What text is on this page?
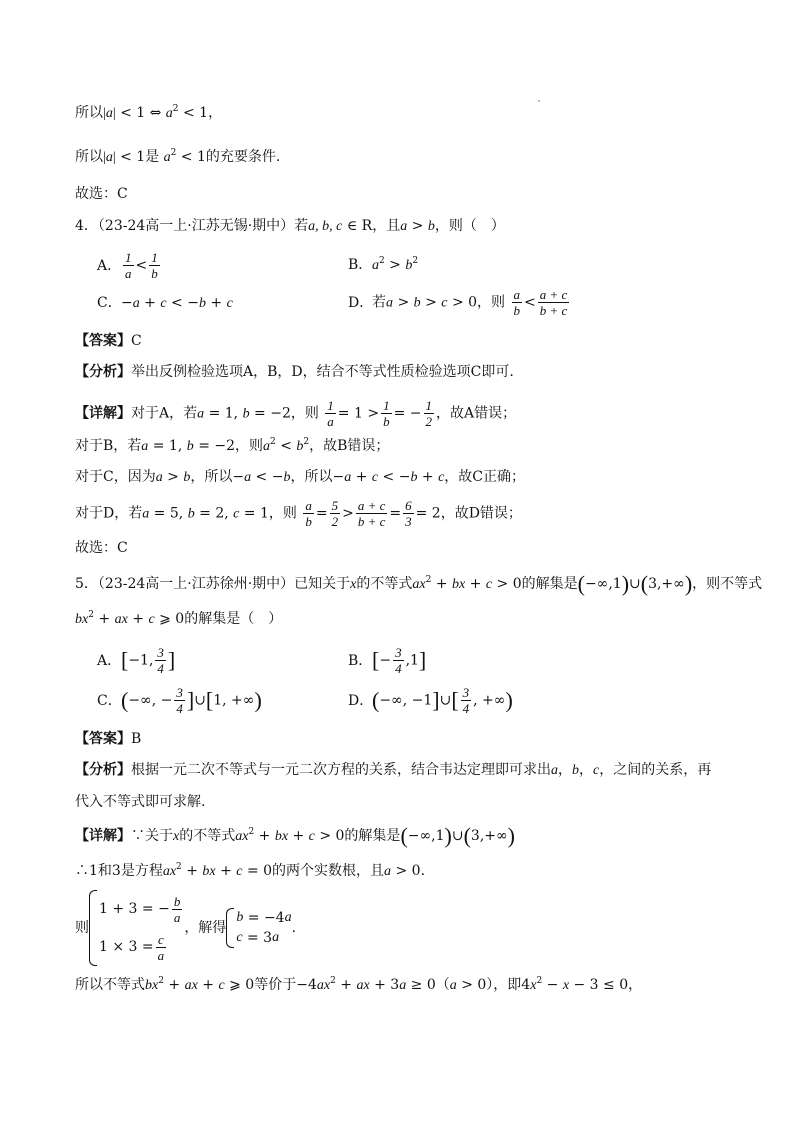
所以|a| < 1 ⇔ $a^2 < 1$，
所以|a| < 1是 $a^2 < 1$的充要条件.
故选：C
4．（23-24高一上·江苏无锡·期中）若a, b, c ∈ R，且a > b，则（　）
A． $\frac{1}{a} < \frac{1}{b}$	B．$a^2 > b^2$
C．−a + c < −b + c	D．若a > b > c > 0，则 $\frac{a}{b} < \frac{a + c}{b + c}$
【答案】C
【分析】举出反例检验选项A，B，D，结合不等式性质检验选项C即可.
【详解】对于A，若a = 1, b = −2，则 $\frac{1}{a} = 1 > \frac{1}{b}$ = − $\frac{1}{2}$ ，故A错误；
对于B，若a = 1, b = −2，则$a^2 < b^2$，故B错误；
对于C，因为a > b，所以−a < −b，所以−a + c < −b + c，故C正确；
对于D，若a = 5, b = 2, c = 1，则 $\frac{a}{b} = \frac{5}{2} > \frac{a + c}{b + c} = \frac{6}{3} = 2$，故D错误；
故选：C
5．（23-24高一上·江苏徐州·期中）已知关于x的不等式$ax^2$ + bx + c > 0的解集是(−∞,1)∪(3,+∞)，则不等式
$bx^2$ + ax + c ⩾ 0的解集是（　）
A．[−1, $\frac{3}{4}$ ]	B．[− $\frac{3}{4} ,1$]
C．(−∞, − $\frac{3}{4}$ ]∪[1, +∞)	D．(−∞, −1]∪[ $\frac{3}{4}$ , +∞)
【答案】B
【分析】根据一元二次不等式与一元二次方程的关系，结合韦达定理即可求出a，b，c，之间的关系，再
代入不等式即可求解.
【详解】∵关于x的不等式$ax^2$ + bx + c > 0的解集是(−∞,1)∪(3,+∞)
∴1和3是方程$ax^2$ + bx + c = 0的两个实数根，且a > 0.
则
1 + 3 = − $\frac{b}{a}$
$1 \times 3 = \frac{c}{a}$
，解得
b = −4 a
c = 3 a
.
所以不等式$bx^2$ + ax + c ⩾ 0等价于$-4ax^2$ + ax + 3a ≥ 0（a > 0），即$4x^2 - x - 3 \le 0$，
